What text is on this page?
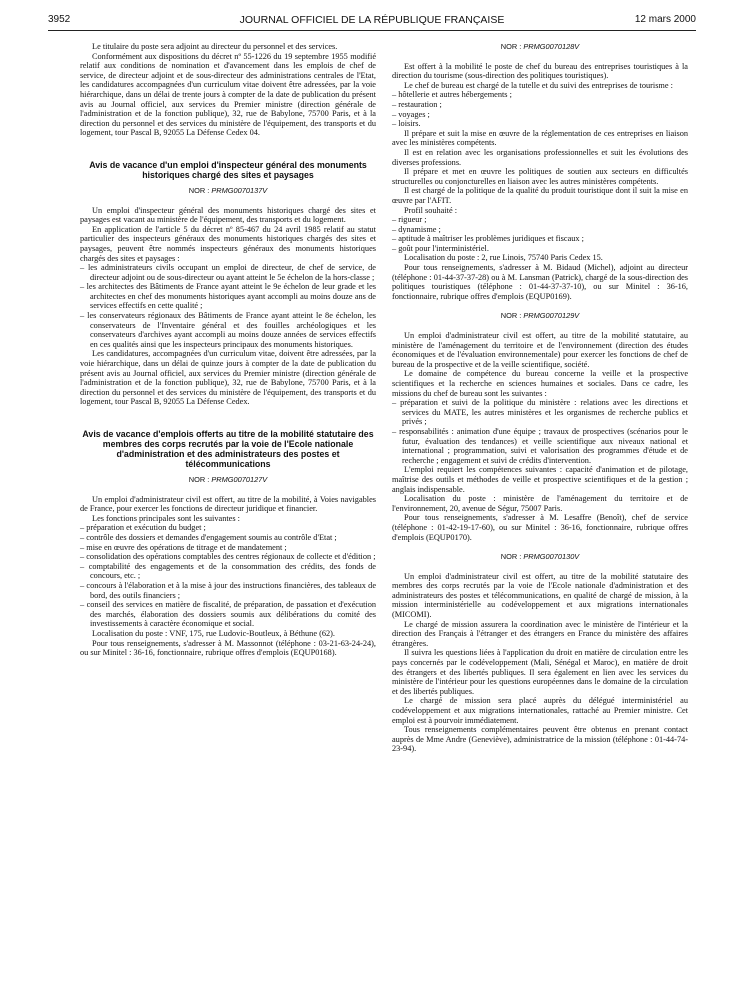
3952	JOURNAL OFFICIEL DE LA RÉPUBLIQUE FRANÇAISE	12 mars 2000

Le titulaire du poste sera adjoint au directeur du personnel et des services.

Conformément aux dispositions du décret nº 55-1226 du 19 septembre 1955 modifié relatif aux conditions de nomination et d'avancement dans les emplois de chef de service, de directeur adjoint et de sous-directeur des administrations centrales de l'Etat, les candidatures accompagnées d'un curriculum vitae doivent être adressées, par la voie hiérarchique, dans un délai de trente jours à compter de la date de publication du présent avis au Journal officiel, aux services du Premier ministre (direction générale de l'administration et de la fonction publique), 32, rue de Babylone, 75700 Paris, et à la direction du personnel et des services du ministère de l'équipement, des transports et du logement, tour Pascal B, 92055 La Défense Cedex 04.

Avis de vacance d'un emploi d'inspecteur général des monuments historiques chargé des sites et paysages
NOR : PRMG0070137V

Un emploi d'inspecteur général des monuments historiques chargé des sites et paysages est vacant au ministère de l'équipement, des transports et du logement.

En application de l'article 5 du décret nº 85-467 du 24 avril 1985 relatif au statut particulier des inspecteurs généraux des monuments historiques chargés des sites et paysages, peuvent être nommés inspecteurs généraux des monuments historiques chargés des sites et paysages :

– les administrateurs civils occupant un emploi de directeur, de chef de service, de directeur adjoint ou de sous-directeur ou ayant atteint le 5e échelon de la hors-classe ;
– les architectes des Bâtiments de France ayant atteint le 9e échelon de leur grade et les architectes en chef des monuments historiques ayant accompli au moins douze ans de services effectifs en cette qualité ;
– les conservateurs régionaux des Bâtiments de France ayant atteint le 8e échelon, les conservateurs de l'Inventaire général et des fouilles archéologiques et les conservateurs d'archives ayant accompli au moins douze années de services effectifs en ces qualités ainsi que les inspecteurs principaux des monuments historiques.

Les candidatures, accompagnées d'un curriculum vitae, doivent être adressées, par la voie hiérarchique, dans un délai de quinze jours à compter de la date de publication du présent avis au Journal officiel, aux services du Premier ministre (direction générale de l'administration et de la fonction publique), 32, rue de Babylone, 75700 Paris, et à la direction du personnel et des services du ministère de l'équipement, des transports et du logement, tour Pascal B, 92055 La Défense Cedex.

Avis de vacance d'emplois offerts au titre de la mobilité statutaire des membres des corps recrutés par la voie de l'Ecole nationale d'administration et des administrateurs des postes et télécommunications
NOR : PRMG0070127V

Un emploi d'administrateur civil est offert, au titre de la mobilité, à Voies navigables de France, pour exercer les fonctions de directeur juridique et financier.

Les fonctions principales sont les suivantes :

– préparation et exécution du budget ;
– contrôle des dossiers et demandes d'engagement soumis au contrôle d'Etat ;
– mise en œuvre des opérations de titrage et de mandatement ;
– consolidation des opérations comptables des centres régionaux de collecte et d'édition ;
– comptabilité des engagements et de la consommation des crédits, des fonds de concours, etc. ;
– concours à l'élaboration et à la mise à jour des instructions financières, des tableaux de bord, des outils financiers ;
– conseil des services en matière de fiscalité, de préparation, de passation et d'exécution des marchés, élaboration des dossiers soumis aux délibérations du comité des investissements à caractère économique et social.

Localisation du poste : VNF, 175, rue Ludovic-Boutleux, à Béthune (62).

Pour tous renseignements, s'adresser à M. Massonnot (téléphone : 03-21-63-24-24), ou sur Minitel : 36-16, fonctionnaire, rubrique offres d'emplois (EQUP0168).

NOR : PRMG0070128V

Est offert à la mobilité le poste de chef du bureau des entreprises touristiques à la direction du tourisme (sous-direction des politiques touristiques).

Le chef de bureau est chargé de la tutelle et du suivi des entreprises de tourisme :

– hôtellerie et autres hébergements ;
– restauration ;
– voyages ;
– loisirs.

Il prépare et suit la mise en œuvre de la réglementation de ces entreprises en liaison avec les ministères compétents.

Il est en relation avec les organisations professionnelles et suit les évolutions des diverses professions.

Il prépare et met en œuvre les politiques de soutien aux secteurs en difficultés structurelles ou conjoncturelles en liaison avec les autres ministères compétents.

Il est chargé de la politique de la qualité du produit touristique dont il suit la mise en œuvre par l'AFIT.

Profil souhaité :

– rigueur ;
– dynamisme ;
– aptitude à maîtriser les problèmes juridiques et fiscaux ;
– goût pour l'interministériel.

Localisation du poste : 2, rue Linois, 75740 Paris Cedex 15.

Pour tous renseignements, s'adresser à M. Bidaud (Michel), adjoint au directeur (téléphone : 01-44-37-37-28) ou à M. Lansman (Patrick), chargé de la sous-direction des politiques touristiques (téléphone : 01-44-37-37-10), ou sur Minitel : 36-16, fonctionnaire, rubrique offres d'emplois (EQUP0169).

NOR : PRMG0070129V

Un emploi d'administrateur civil est offert, au titre de la mobilité statutaire, au ministère de l'aménagement du territoire et de l'environnement (direction des études économiques et de l'évaluation environnementale) pour exercer les fonctions de chef de bureau de la prospective et de la veille scientifique, société.

Le domaine de compétence du bureau concerne la veille et la prospective scientifiques et la recherche en sciences humaines et sociales. Dans ce cadre, les missions du chef de bureau sont les suivantes :

– préparation et suivi de la politique du ministère : relations avec les directions et services du MATE, les autres ministères et les organismes de recherche publics et privés ;
– responsabilités : animation d'une équipe ; travaux de prospectives (scénarios pour le futur, évaluation des tendances) et veille scientifique aux niveaux national et international ; programmation, suivi et valorisation des programmes d'étude et de recherche ; engagement et suivi de crédits d'intervention.

L'emploi requiert les compétences suivantes : capacité d'animation et de pilotage, maîtrise des outils et méthodes de veille et prospective scientifiques et de la gestion ; anglais indispensable.

Localisation du poste : ministère de l'aménagement du territoire et de l'environnement, 20, avenue de Ségur, 75007 Paris.

Pour tous renseignements, s'adresser à M. Lesaffre (Benoît), chef de service (téléphone : 01-42-19-17-60), ou sur Minitel : 36-16, fonctionnaire, rubrique offres d'emplois (EQUP0170).

NOR : PRMG0070130V

Un emploi d'administrateur civil est offert, au titre de la mobilité statutaire des membres des corps recrutés par la voie de l'Ecole nationale d'administration et des administrateurs des postes et télécommunications, en qualité de chargé de mission, à la mission interministérielle au codéveloppement et aux migrations internationales (MICOMI).

Le chargé de mission assurera la coordination avec le ministère de l'intérieur et la direction des Français à l'étranger et des étrangers en France du ministère des affaires étrangères.

Il suivra les questions liées à l'application du droit en matière de circulation entre les pays concernés par le codéveloppement (Mali, Sénégal et Maroc), en matière de droit des étrangers et des libertés publiques. Il sera également en lien avec les services du ministère de l'intérieur pour les questions européennes dans le domaine de la circulation et des libertés publiques.

Le chargé de mission sera placé auprès du délégué interministériel au codéveloppement et aux migrations internationales, rattaché au Premier ministre. Cet emploi est à pourvoir immédiatement.

Tous renseignements complémentaires peuvent être obtenus en prenant contact auprès de Mme Andre (Geneviève), administratrice de la mission (téléphone : 01-44-74-23-94).
